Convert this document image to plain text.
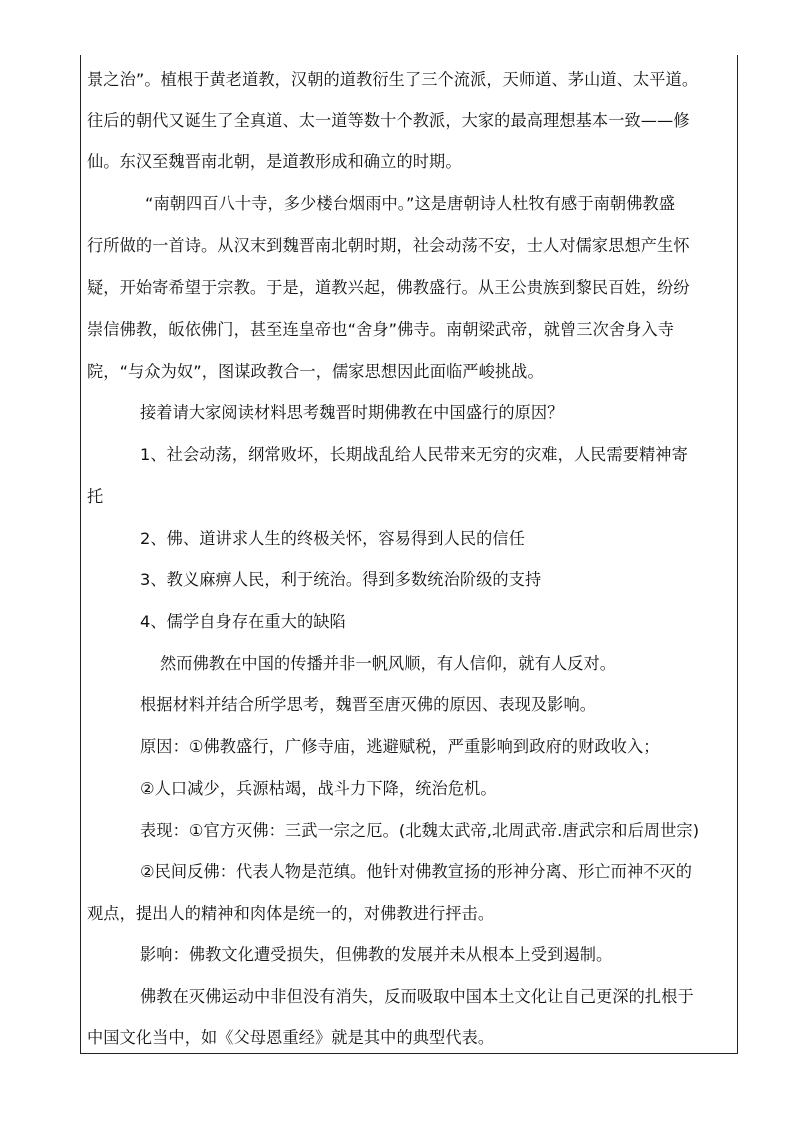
景之治”。植根于黄老道教，汉朝的道教衍生了三个流派，天师道、茅山道、太平道。
往后的朝代又诞生了全真道、太一道等数十个教派，大家的最高理想基本一致——修
仙。东汉至魏晋南北朝，是道教形成和确立的时期。
“南朝四百八十寺，多少楼台烟雨中。”这是唐朝诗人杜牧有感于南朝佛教盛
行所做的一首诗。从汉末到魏晋南北朝时期，社会动荡不安，士人对儒家思想产生怀
疑，开始寄希望于宗教。于是，道教兴起，佛教盛行。从王公贵族到黎民百姓，纷纷
崇信佛教，皈依佛门，甚至连皇帝也“舍身”佛寺。南朝梁武帝，就曾三次舍身入寺
院，“与众为奴”，图谋政教合一，儒家思想因此面临严峻挑战。
接着请大家阅读材料思考魏晋时期佛教在中国盛行的原因？
1、社会动荡，纲常败坏，长期战乱给人民带来无穷的灾难，人民需要精神寄
托
2、佛、道讲求人生的终极关怀，容易得到人民的信任
3、教义麻痹人民，利于统治。得到多数统治阶级的支持
4、儒学自身存在重大的缺陷
然而佛教在中国的传播并非一帆风顺，有人信仰，就有人反对。
根据材料并结合所学思考，魏晋至唐灭佛的原因、表现及影响。
原因：①佛教盛行，广修寺庙，逃避赋税，严重影响到政府的财政收入；
②人口减少，兵源枯竭，战斗力下降，统治危机。
表现：①官方灭佛：三武一宗之厄。(北魏太武帝,北周武帝.唐武宗和后周世宗)
②民间反佛：代表人物是范缜。他针对佛教宣扬的形神分离、形亡而神不灭的
观点，提出人的精神和肉体是统一的，对佛教进行抨击。
影响：佛教文化遭受损失，但佛教的发展并未从根本上受到遏制。
佛教在灭佛运动中非但没有消失，反而吸取中国本土文化让自己更深的扎根于
中国文化当中，如《父母恩重经》就是其中的典型代表。
